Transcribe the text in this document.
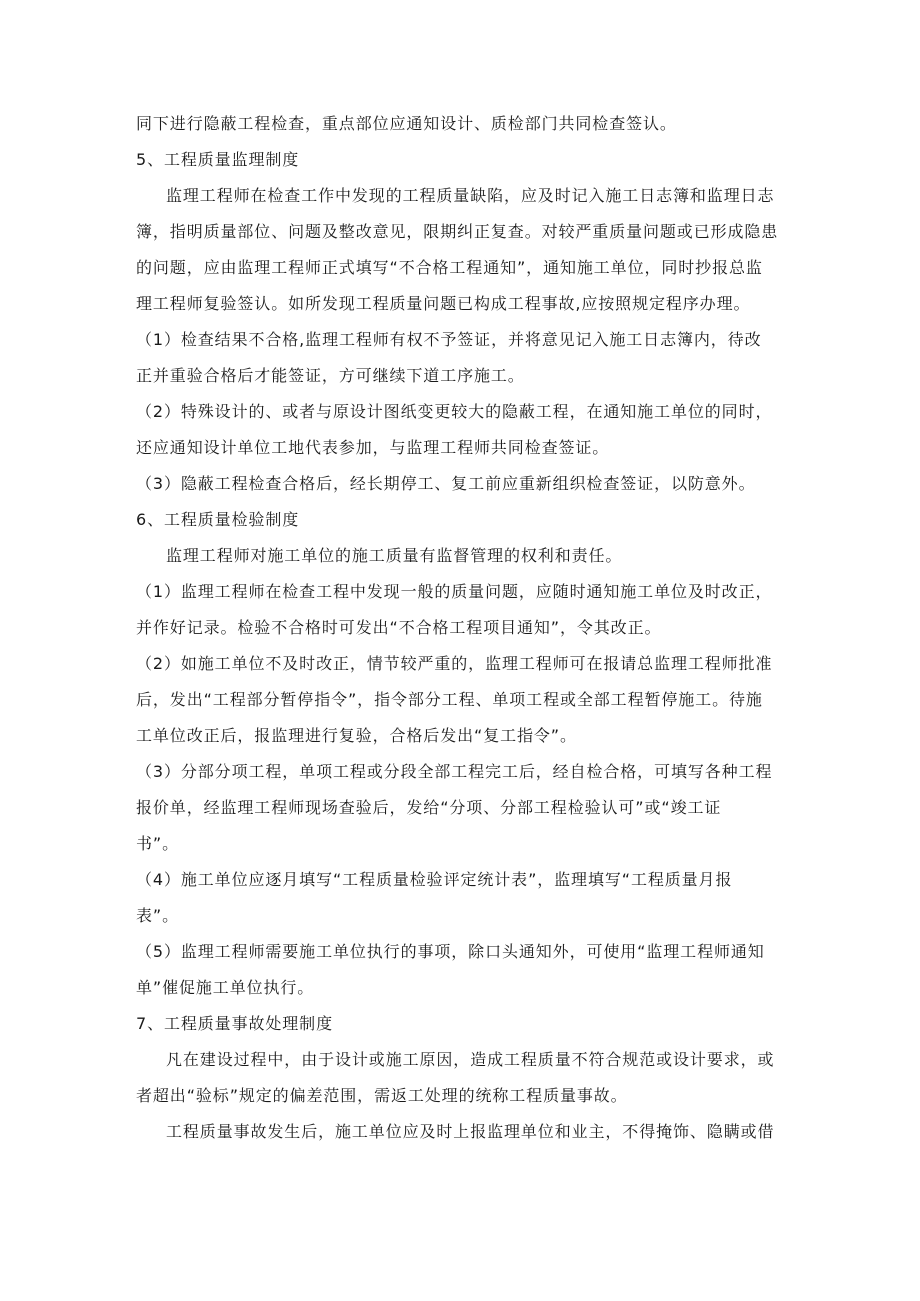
同下进行隐蔽工程检查，重点部位应通知设计、质检部门共同检查签认。
5、工程质量监理制度
监理工程师在检查工作中发现的工程质量缺陷，应及时记入施工日志簿和监理日志
簿，指明质量部位、问题及整改意见，限期纠正复查。对较严重质量问题或已形成隐患
的问题，应由监理工程师正式填写“不合格工程通知”，通知施工单位，同时抄报总监
理工程师复验签认。如所发现工程质量问题已构成工程事故,应按照规定程序办理。
（1）检查结果不合格,监理工程师有权不予签证，并将意见记入施工日志簿内，待改
正并重验合格后才能签证，方可继续下道工序施工。
（2）特殊设计的、或者与原设计图纸变更较大的隐蔽工程，在通知施工单位的同时，
还应通知设计单位工地代表参加，与监理工程师共同检查签证。
（3）隐蔽工程检查合格后，经长期停工、复工前应重新组织检查签证，以防意外。
6、工程质量检验制度
监理工程师对施工单位的施工质量有监督管理的权利和责任。
（1）监理工程师在检查工程中发现一般的质量问题，应随时通知施工单位及时改正，
并作好记录。检验不合格时可发出“不合格工程项目通知”，令其改正。
（2）如施工单位不及时改正，情节较严重的，监理工程师可在报请总监理工程师批准
后，发出“工程部分暂停指令”，指令部分工程、单项工程或全部工程暂停施工。待施
工单位改正后，报监理进行复验，合格后发出“复工指令”。
（3）分部分项工程，单项工程或分段全部工程完工后，经自检合格，可填写各种工程
报价单，经监理工程师现场查验后，发给“分项、分部工程检验认可”或“竣工证
书”。
（4）施工单位应逐月填写“工程质量检验评定统计表”，监理填写“工程质量月报
表”。
（5）监理工程师需要施工单位执行的事项，除口头通知外，可使用“监理工程师通知
单”催促施工单位执行。
7、工程质量事故处理制度
凡在建设过程中，由于设计或施工原因，造成工程质量不符合规范或设计要求，或
者超出“验标”规定的偏差范围，需返工处理的统称工程质量事故。
工程质量事故发生后，施工单位应及时上报监理单位和业主，不得掩饰、隐瞒或借
